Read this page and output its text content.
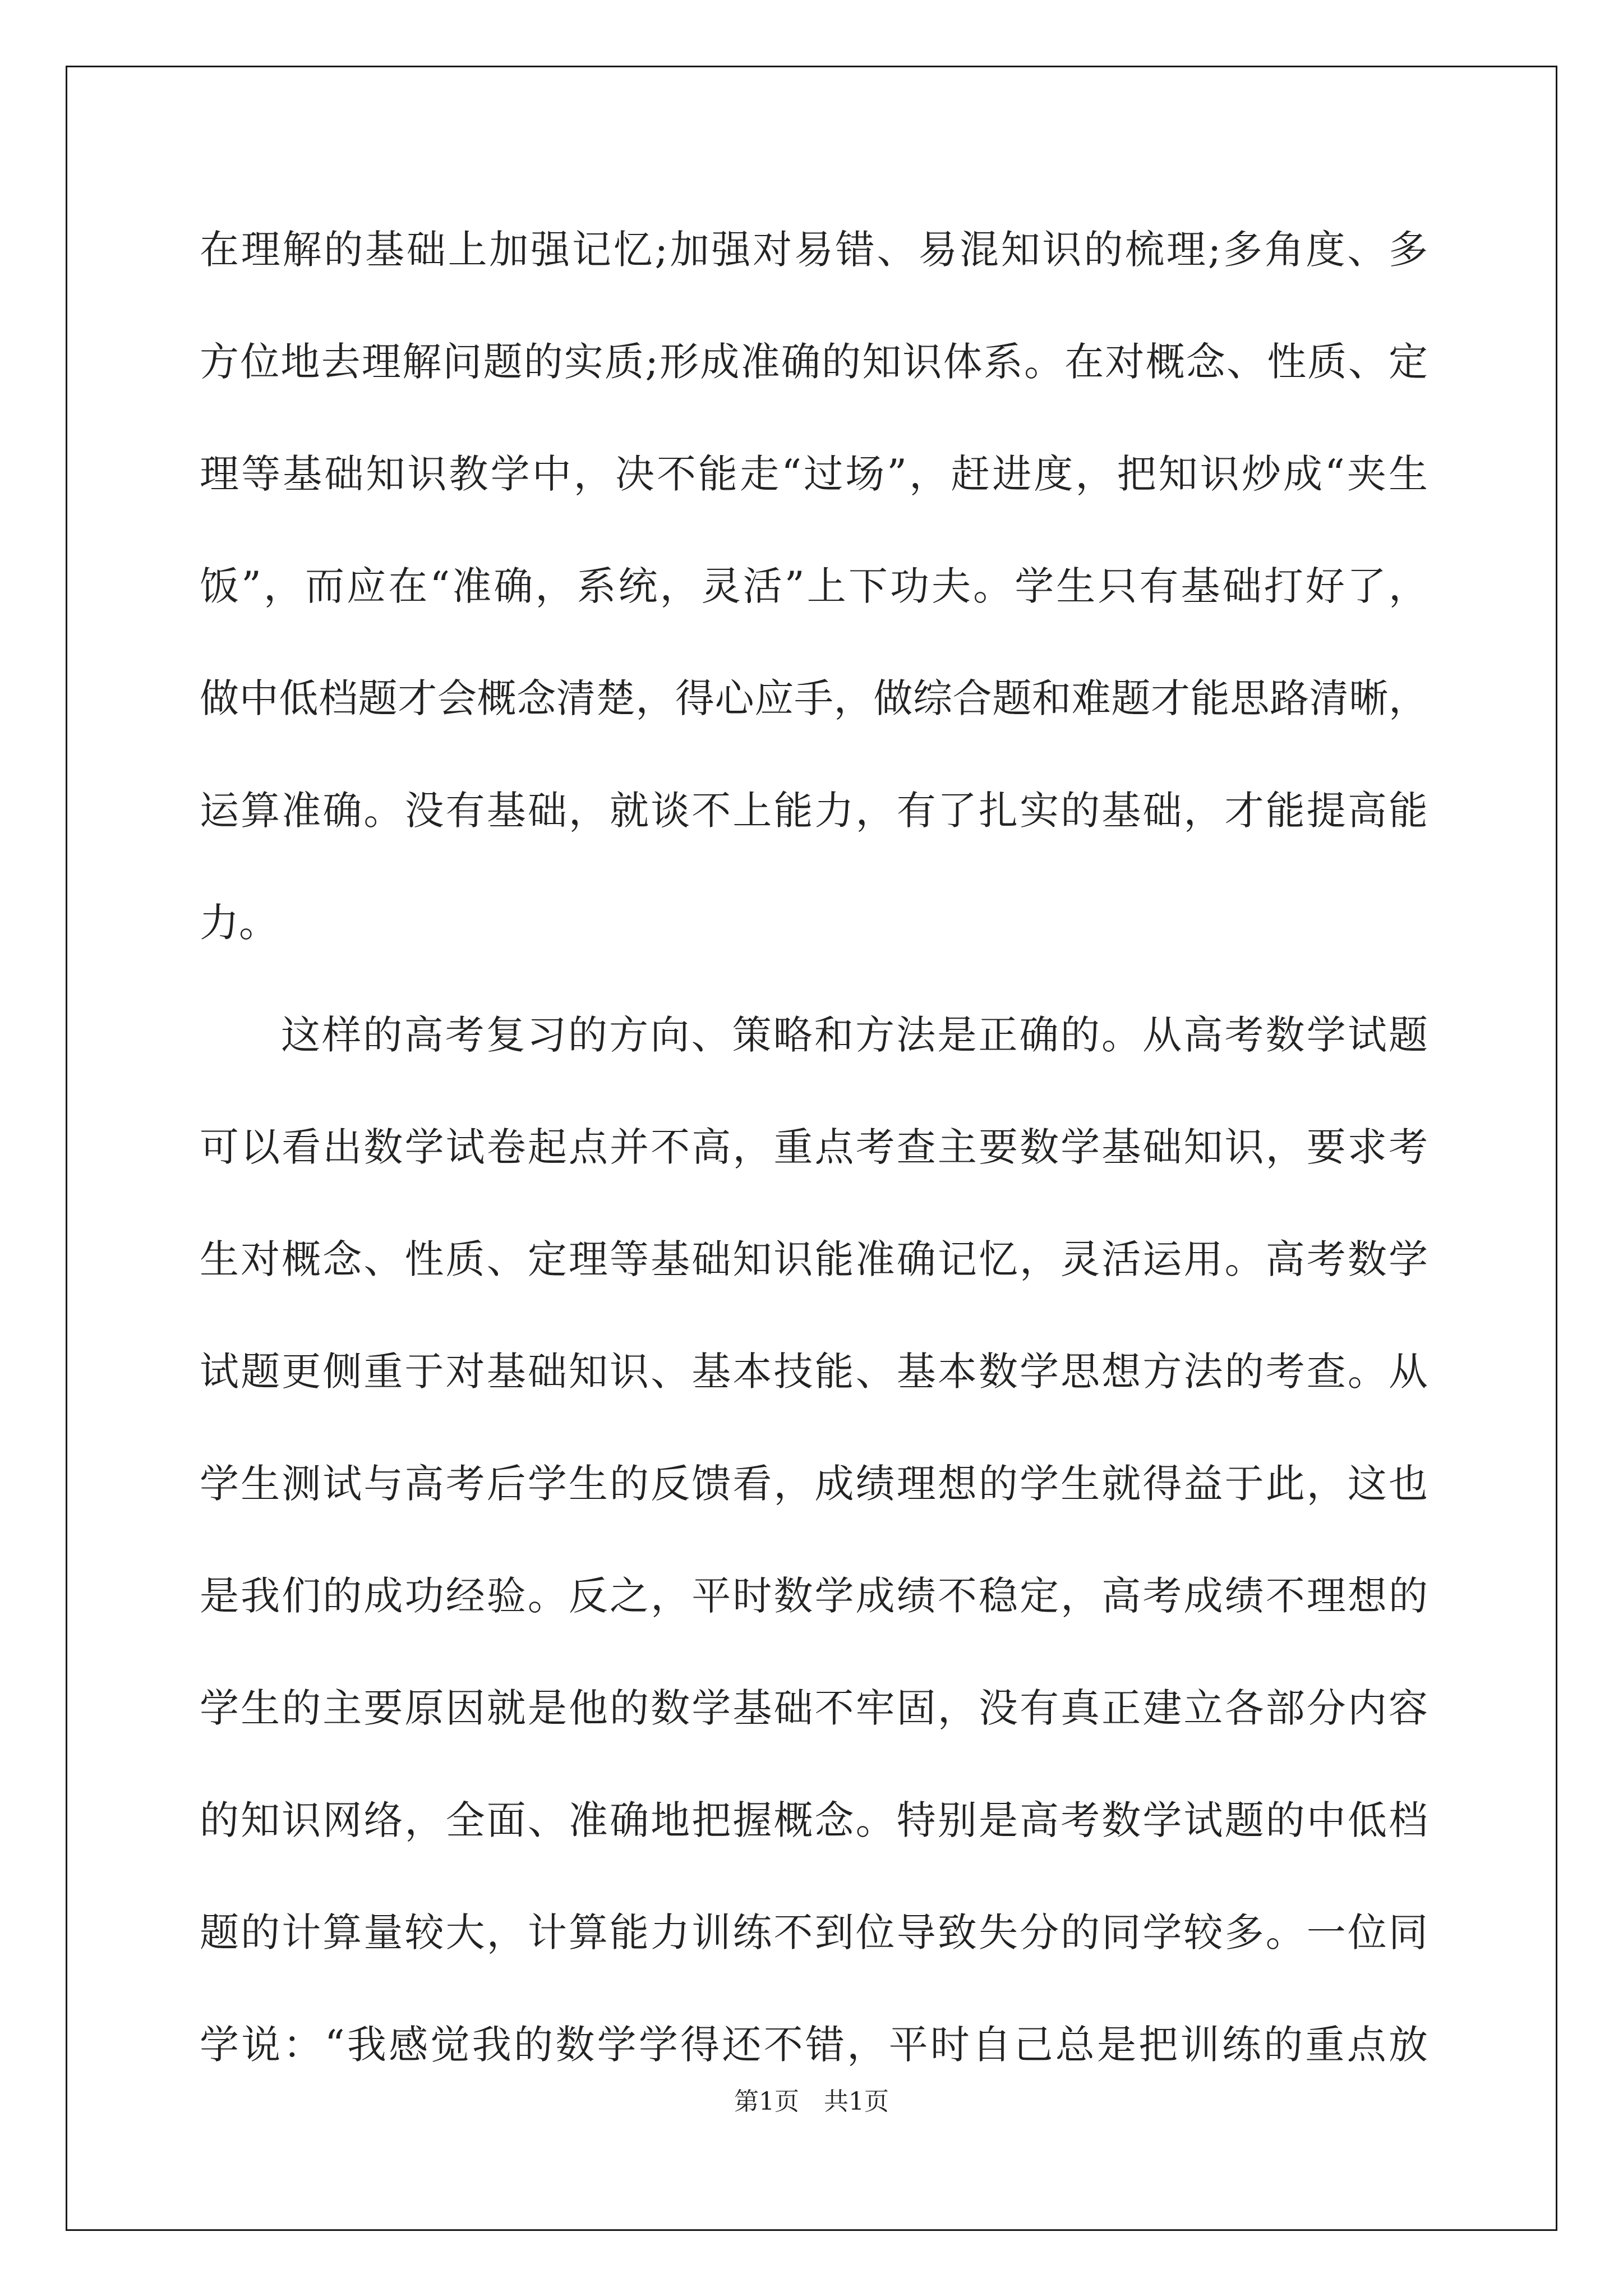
在理解的基础上加强记忆;加强对易错、易混知识的梳理;多角度、多
方位地去理解问题的实质;形成准确的知识体系。在对概念、性质、定
理等基础知识教学中，决不能走“过场”，赶进度，把知识炒成“夹生
饭”，而应在“准确，系统，灵活”上下功夫。学生只有基础打好了，
做中低档题才会概念清楚，得心应手，做综合题和难题才能思路清晰，
运算准确。没有基础，就谈不上能力，有了扎实的基础，才能提高能
力。
这样的高考复习的方向、策略和方法是正确的。从高考数学试题
可以看出数学试卷起点并不高，重点考查主要数学基础知识，要求考
生对概念、性质、定理等基础知识能准确记忆，灵活运用。高考数学
试题更侧重于对基础知识、基本技能、基本数学思想方法的考查。从
学生测试与高考后学生的反馈看，成绩理想的学生就得益于此，这也
是我们的成功经验。反之，平时数学成绩不稳定，高考成绩不理想的
学生的主要原因就是他的数学基础不牢固，没有真正建立各部分内容
的知识网络，全面、准确地把握概念。特别是高考数学试题的中低档
题的计算量较大，计算能力训练不到位导致失分的同学较多。一位同
学说：“我感觉我的数学学得还不错，平时自己总是把训练的重点放
第1页　共1页
